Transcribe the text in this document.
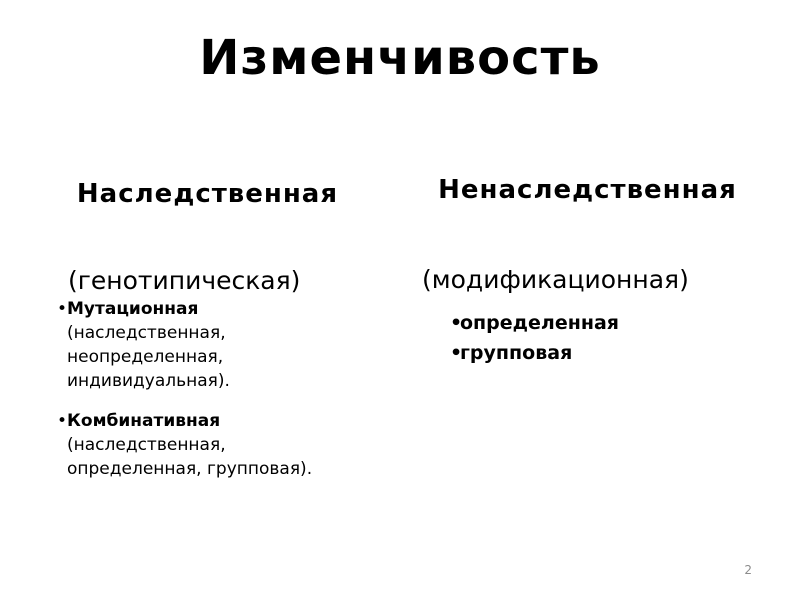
Изменчивость
Наследственная
(генотипическая)
• Мутационная
(наследственная, неопределенная, индивидуальная).
• Комбинативная
(наследственная, определенная, групповая).
Ненаследственная
(модификационная)
•
определенная
•
групповая
2
